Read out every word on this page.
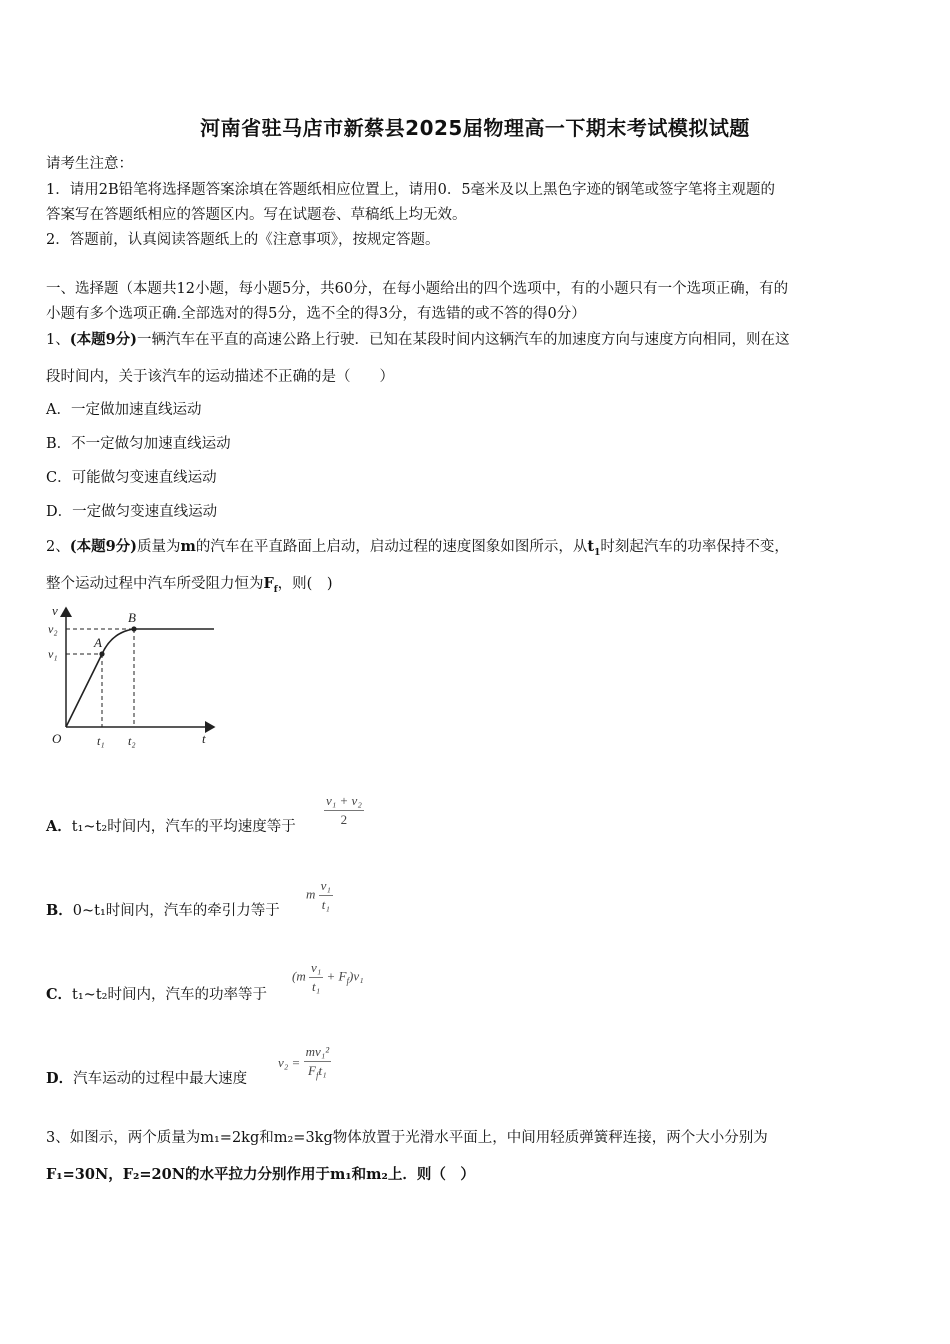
河南省驻马店市新蔡县2025届物理高一下期末考试模拟试题
请考生注意：
1．请用2B铅笔将选择题答案涂填在答题纸相应位置上，请用0．5毫米及以上黑色字迹的钢笔或签字笔将主观题的
答案写在答题纸相应的答题区内。写在试题卷、草稿纸上均无效。
2．答题前，认真阅读答题纸上的《注意事项》，按规定答题。
一、选择题（本题共12小题，每小题5分，共60分，在每小题给出的四个选项中，有的小题只有一个选项正确，有的
小题有多个选项正确.全部选对的得5分，选不全的得3分，有选错的或不答的得0分）
1、(本题9分)一辆汽车在平直的高速公路上行驶．已知在某段时间内这辆汽车的加速度方向与速度方向相同，则在这
段时间内，关于该汽车的运动描述不正确的是（　　）
A．一定做加速直线运动
B．不一定做匀加速直线运动
C．可能做匀变速直线运动
D．一定做匀变速直线运动
2、(本题9分)质量为m的汽车在平直路面上启动，启动过程的速度图象如图所示，从$t_1$时刻起汽车的功率保持不变，
整个运动过程中汽车所受阻力恒为$F_f$，则(　)
v
v₂
v₁
A
B
O	t₁ t₂	t
A．t₁~t₂时间内，汽车的平均速度等于 $\frac{\text{v₁ + v₂}}{2}$
B．0~t₁时间内，汽车的牵引力等于
m $\frac{\text{v₁}}{\text{t₁}}$
C．t₁~t₂时间内，汽车的功率等于
$(m \frac{\text{v₁}}{\text{t₁}} + F_f)v_1$
D．汽车运动的过程中最大速度
$v_2 = \frac{\text{mv₁²}}{F_ft_1}$
3、如图示，两个质量为m₁=2kg和m₂=3kg物体放置于光滑水平面上，中间用轻质弹簧秤连接，两个大小分别为
F₁=30N，F₂=20N的水平拉力分别作用于m₁和m₂上．则（　）
